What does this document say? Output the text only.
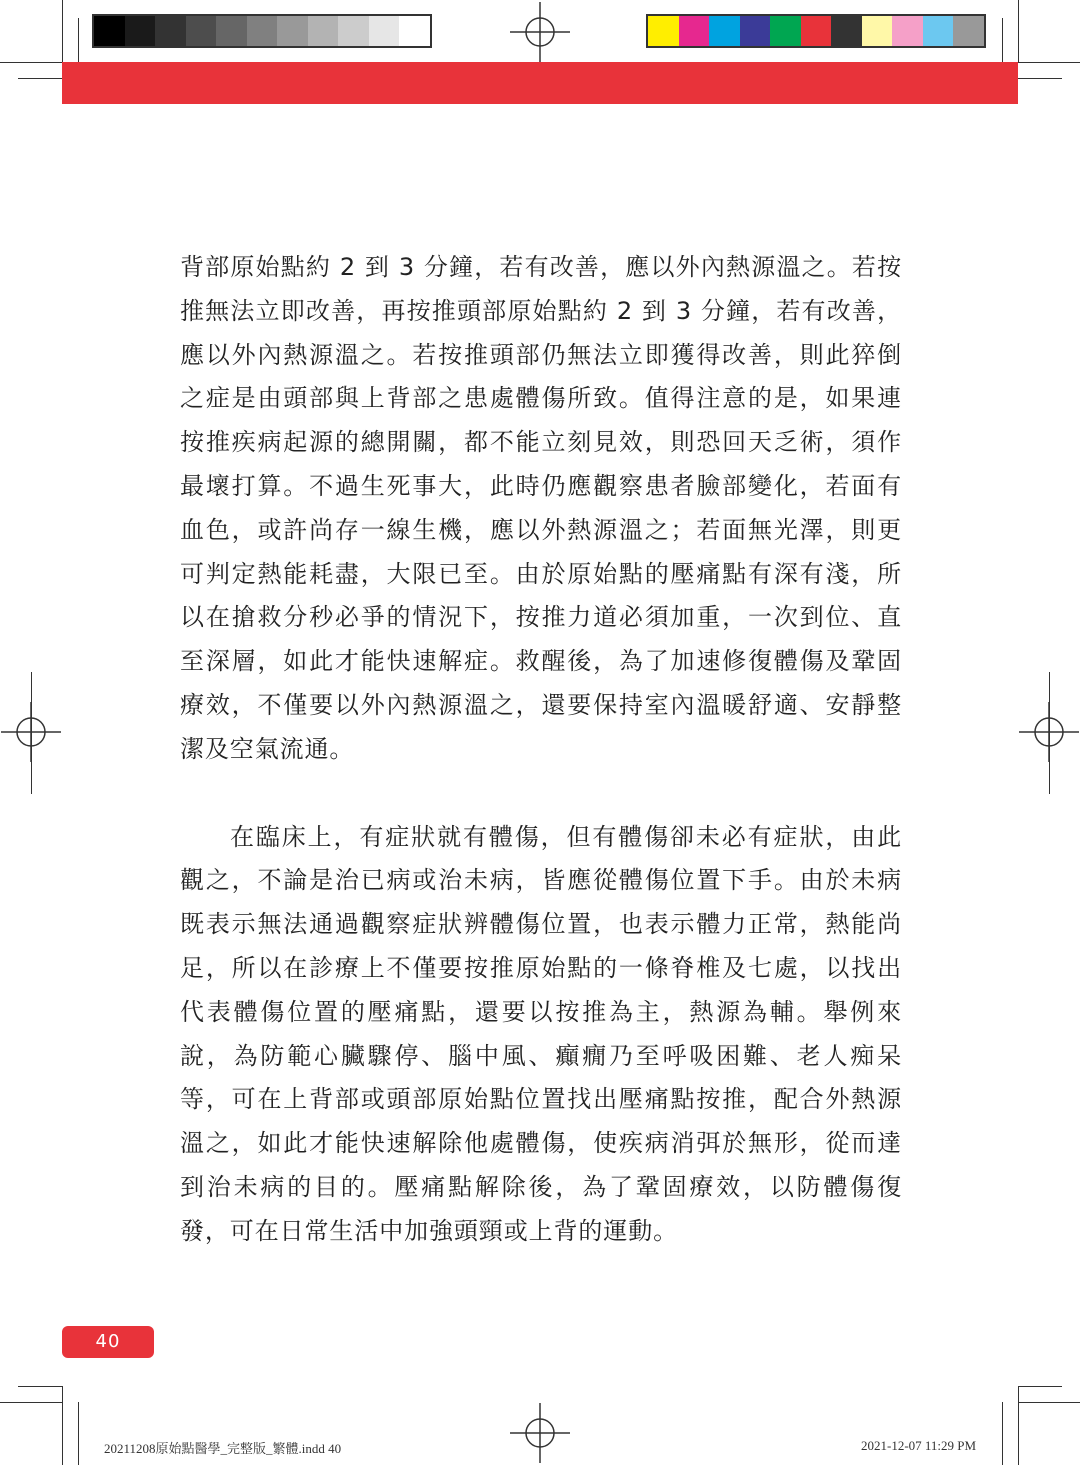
背部原始點約 2 到 3 分鐘，若有改善，應以外內熱源溫之。若按推無法立即改善，再按推頭部原始點約 2 到 3 分鐘，若有改善，應以外內熱源溫之。若按推頭部仍無法立即獲得改善，則此猝倒之症是由頭部與上背部之患處體傷所致。值得注意的是，如果連按推疾病起源的總開關，都不能立刻見效，則恐回天乏術，須作最壞打算。不過生死事大，此時仍應觀察患者臉部變化，若面有血色，或許尚存一線生機，應以外熱源溫之；若面無光澤，則更可判定熱能耗盡，大限已至。由於原始點的壓痛點有深有淺，所以在搶救分秒必爭的情況下，按推力道必須加重，一次到位、直至深層，如此才能快速解症。救醒後，為了加速修復體傷及鞏固療效，不僅要以外內熱源溫之，還要保持室內溫暖舒適、安靜整潔及空氣流通。

在臨床上，有症狀就有體傷，但有體傷卻未必有症狀，由此觀之，不論是治已病或治未病，皆應從體傷位置下手。由於未病既表示無法通過觀察症狀辨體傷位置，也表示體力正常，熱能尚足，所以在診療上不僅要按推原始點的一條脊椎及七處，以找出代表體傷位置的壓痛點，還要以按推為主，熱源為輔。舉例來說，為防範心臟驟停、腦中風、癲癇乃至呼吸困難、老人痴呆等，可在上背部或頭部原始點位置找出壓痛點按推，配合外熱源溫之，如此才能快速解除他處體傷，使疾病消弭於無形，從而達到治未病的目的。壓痛點解除後，為了鞏固療效，以防體傷復發，可在日常生活中加強頭頸或上背的運動。

40
20211208原始點醫學_完整版_繁體.indd 40	2021-12-07 11:29 PM
